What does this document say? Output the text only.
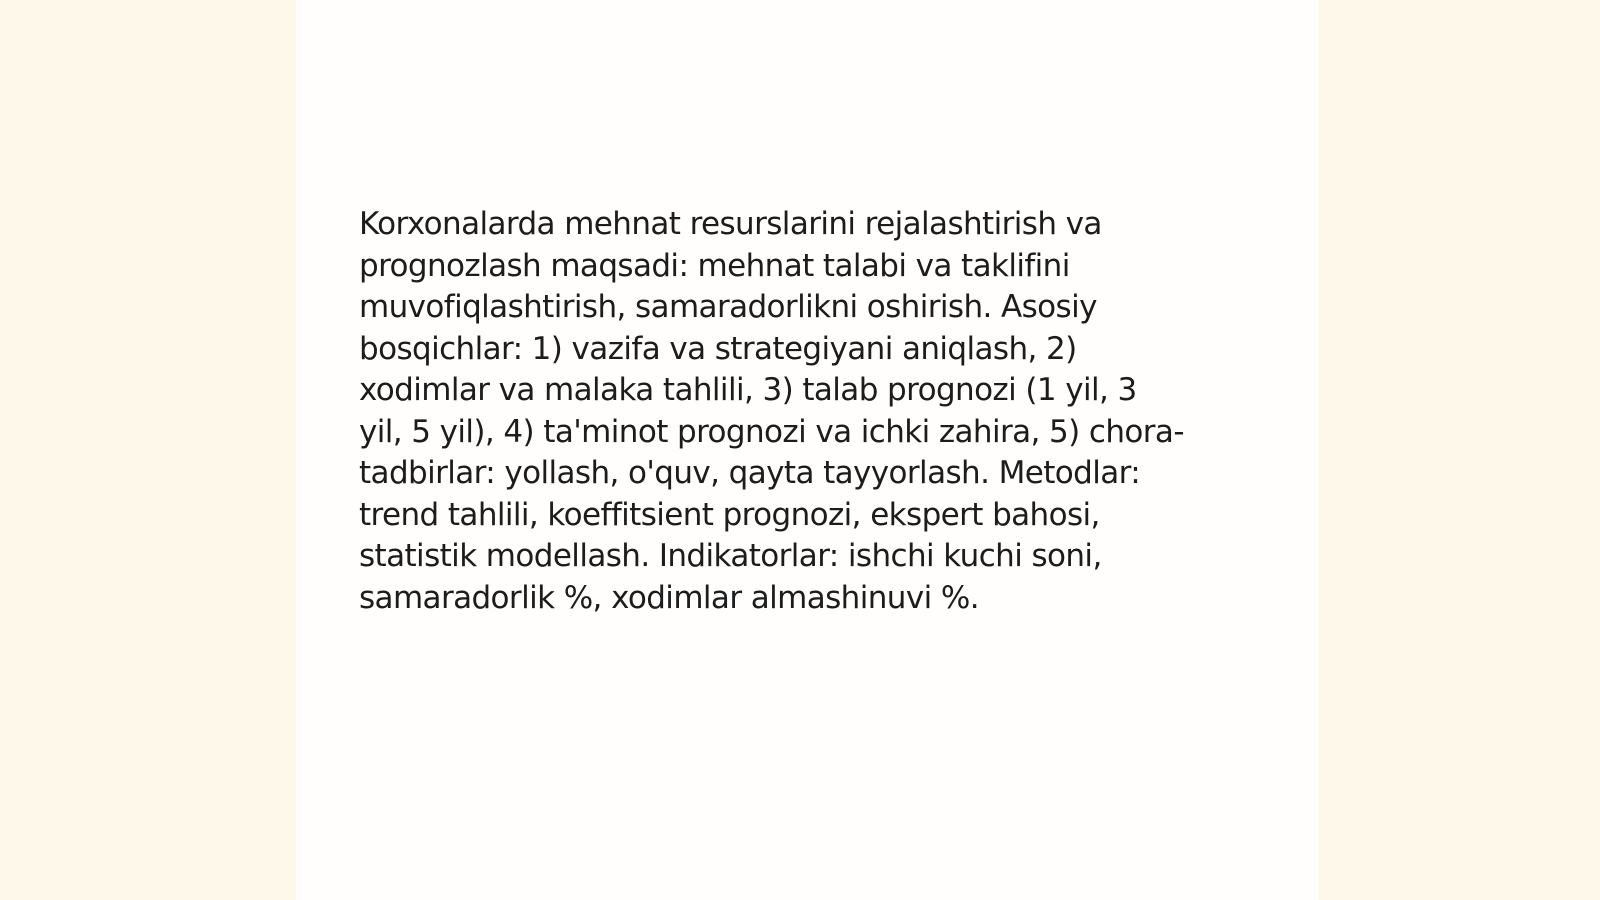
Korxonalarda mehnat resurslarini rejalashtirish va
prognozlash maqsadi: mehnat talabi va taklifini
muvofiqlashtirish, samaradorlikni oshirish. Asosiy
bosqichlar: 1) vazifa va strategiyani aniqlash, 2)
xodimlar va malaka tahlili, 3) talab prognozi (1 yil, 3
yil, 5 yil), 4) ta'minot prognozi va ichki zahira, 5) chora-
tadbirlar: yollash, o'quv, qayta tayyorlash. Metodlar:
trend tahlili, koeffitsient prognozi, ekspert bahosi,
statistik modellash. Indikatorlar: ishchi kuchi soni,
samaradorlik %, xodimlar almashinuvi %.
